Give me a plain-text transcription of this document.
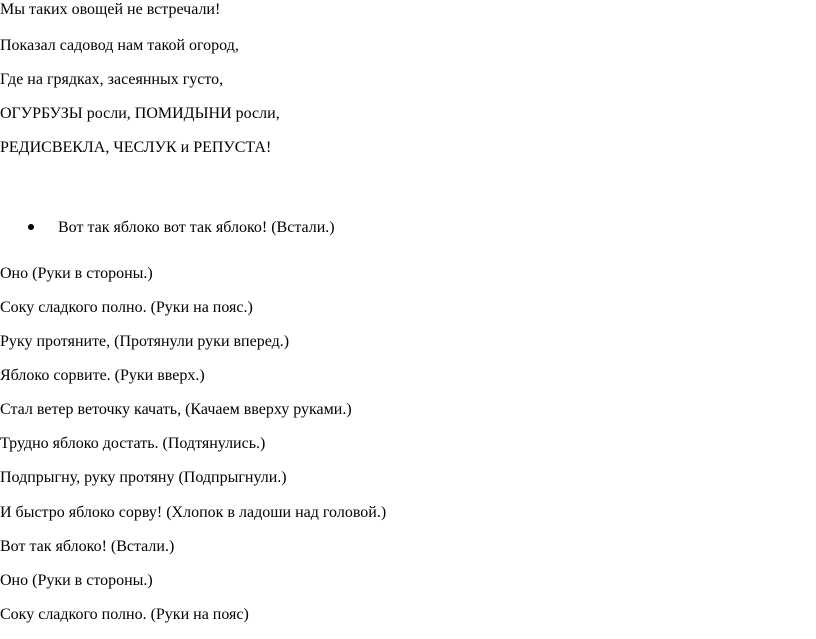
Мы таких овощей не встречали!
Показал садовод нам такой огород,
Где на грядках, засеянных густо,
ОГУРБУЗЫ росли, ПОМИДЫНИ росли,
РЕДИСВЕКЛА, ЧЕСЛУК и РЕПУСТА!
Вот так яблоко вот так яблоко! (Встали.)
Оно (Руки в стороны.)
Соку сладкого полно. (Руки на пояс.)
Руку протяните, (Протянули руки вперед.)
Яблоко сорвите. (Руки вверх.)
Стал ветер веточку качать, (Качаем вверху руками.)
Трудно яблоко достать. (Подтянулись.)
Подпрыгну, руку протяну (Подпрыгнули.)
И быстро яблоко сорву! (Хлопок в ладоши над головой.)
Вот так яблоко! (Встали.)
Оно (Руки в стороны.)
Соку сладкого полно. (Руки на пояс)
